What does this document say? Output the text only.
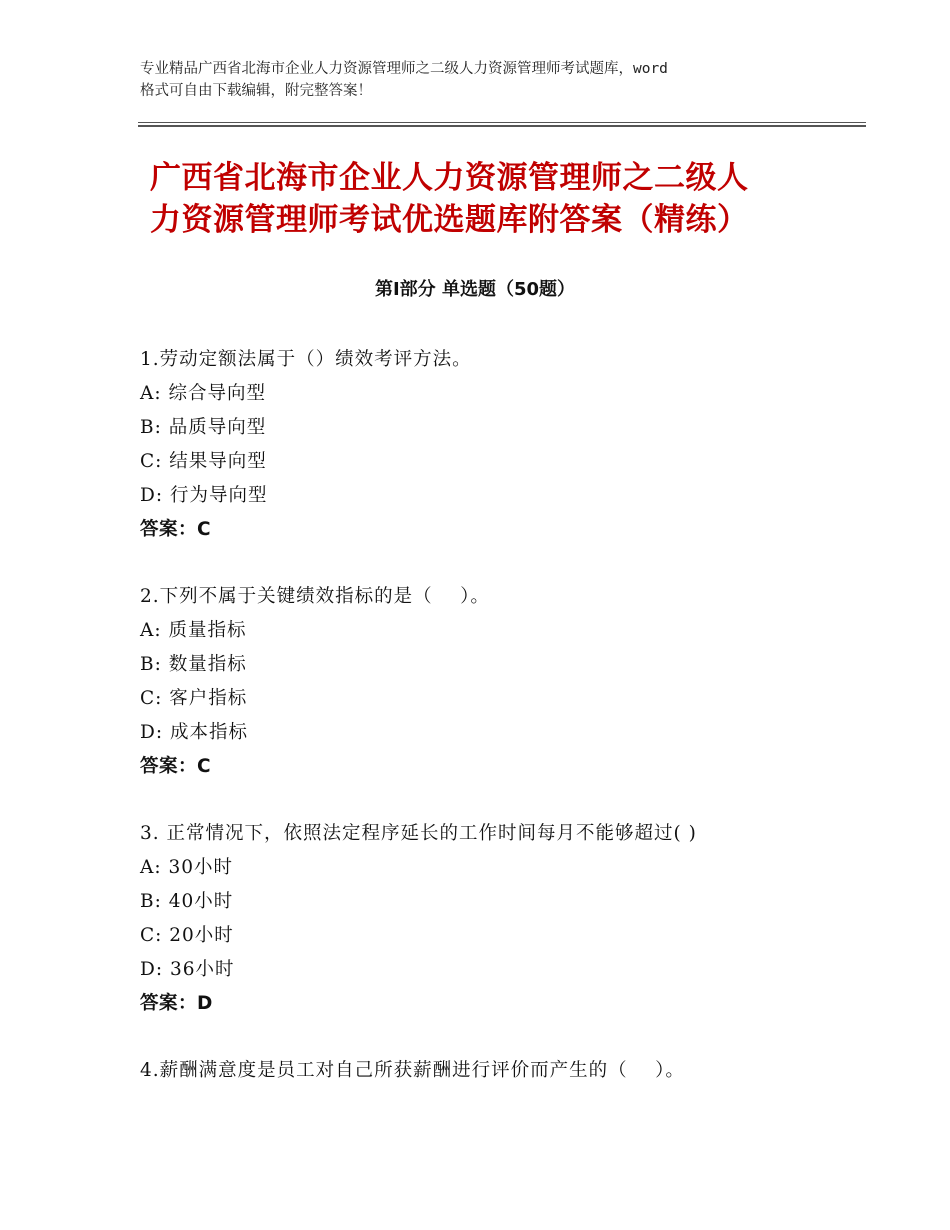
专业精品广西省北海市企业人力资源管理师之二级人力资源管理师考试题库，word
格式可自由下载编辑，附完整答案！
广西省北海市企业人力资源管理师之二级人
力资源管理师考试优选题库附答案（精练）
第Ⅰ部分 单选题（50题）
1.劳动定额法属于（）绩效考评方法。
A: 综合导向型
B: 品质导向型
C: 结果导向型
D: 行为导向型
答案：C
2.下列不属于关键绩效指标的是（    ）。
A: 质量指标
B: 数量指标
C: 客户指标
D: 成本指标
答案：C
3. 正常情况下，依照法定程序延长的工作时间每月不能够超过( )
A: 30小时
B: 40小时
C: 20小时
D: 36小时
答案：D
4.薪酬满意度是员工对自己所获薪酬进行评价而产生的（    ）。
